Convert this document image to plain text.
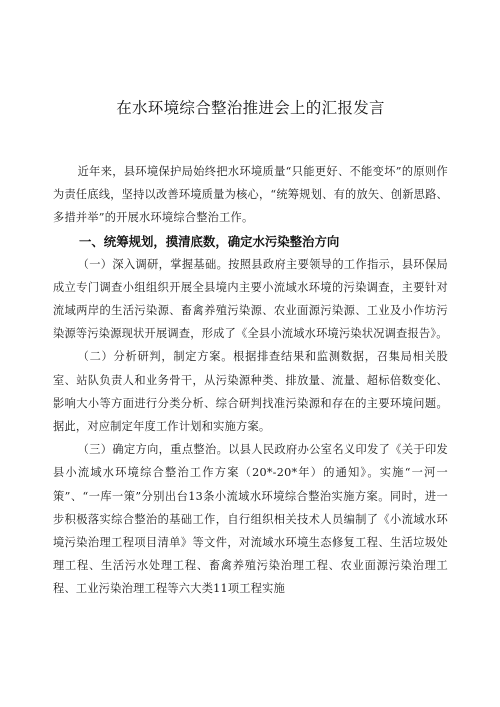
在水环境综合整治推进会上的汇报发言

近年来，县环境保护局始终把水环境质量“只能更好、不能变坏”的原则作为责任底线，坚持以改善环境质量为核心，“统筹规划、有的放矢、创新思路、多措并举”的开展水环境综合整治工作。

一、统筹规划，摸清底数，确定水污染整治方向

（一）深入调研，掌握基础。按照县政府主要领导的工作指示，县环保局成立专门调查小组组织开展全县境内主要小流域水环境的污染调查，主要针对流域两岸的生活污染源、畜禽养殖污染源、农业面源污染源、工业及小作坊污染源等污染源现状开展调查，形成了《全县小流域水环境污染状况调查报告》。

（二）分析研判，制定方案。根据排查结果和监测数据，召集局相关股室、站队负责人和业务骨干，从污染源种类、排放量、流量、超标倍数变化、影响大小等方面进行分类分析、综合研判找准污染源和存在的主要环境问题。据此，对应制定年度工作计划和实施方案。

（三）确定方向，重点整治。以县人民政府办公室名义印发了《关于印发县小流域水环境综合整治工作方案（20*-20*年）的通知》。实施“一河一策”、“一库一策”分别出台13条小流域水环境综合整治实施方案。同时，进一步积极落实综合整治的基础工作，自行组织相关技术人员编制了《小流域水环境污染治理工程项目清单》等文件，对流域水环境生态修复工程、生活垃圾处理工程、生活污水处理工程、畜禽养殖污染治理工程、农业面源污染治理工程、工业污染治理工程等六大类11项工程实施
